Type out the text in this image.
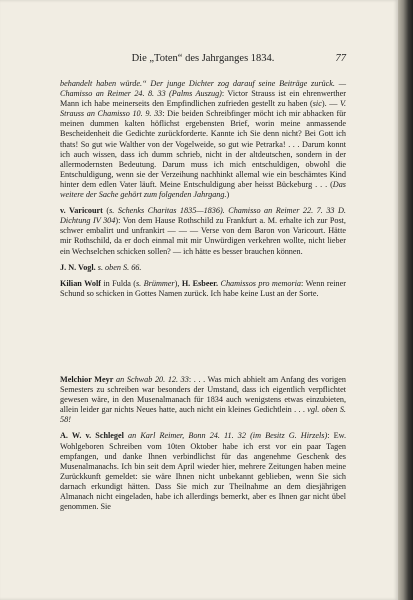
Die „Toten“ des Jahrganges 1834.	77

behandelt haben würde.“ Der junge Dichter zog darauf seine Beiträge zurück. — Chamisso an Reimer 24. 8. 33 (Palms Auszug): Victor Strauss ist ein ehrenwerther Mann ich habe meinerseits den Empfindlichen zufrieden gestellt zu haben (sic). — V. Strauss an Chamisso 10. 9. 33: Die beiden Schreibfinger möcht ich mir abhacken für meinen dummen kalten höflichst ergebensten Brief, worin meine anmassende Bescheidenheit die Gedichte zurückforderte. Kannte ich Sie denn nicht? Bei Gott ich thats! So gut wie Walther von der Vogelweide, so gut wie Petrarka! . . . Darum konnt ich auch wissen, dass ich dumm schrieb, nicht in der altdeutschen, sondern in der allermodernsten Bedeutung. Darum muss ich mich entschuldigen, obwohl die Entschuldigung, wenn sie der Verzeihung nachhinkt allemal wie ein beschämtes Kind hinter dem edlen Vater läuft. Meine Entschuldigung aber heisst Bückeburg . . . (Das weitere der Sache gehört zum folgenden Jahrgang.)

v. Varicourt (s. Schenks Charitas 1835—1836). Chamisso an Reimer 22. 7. 33 D. Dichtung IV 304): Von dem Hause Rothschild zu Frankfurt a. M. erhalte ich zur Post, schwer embalirt und unfrankirt — — — Verse von dem Baron von Varicourt. Hätte mir Rothschild, da er doch einmal mit mir Unwürdigen verkehren wollte, nicht lieber ein Wechselchen schicken sollen? — ich hätte es besser brauchen können.

J. N. Vogl. s. oben S. 66.

Kilian Wolf in Fulda (s. Brümmer), H. Esbeer. Chamissos pro memoria: Wenn reiner Schund so schicken in Gottes Namen zurück. Ich habe keine Lust an der Sorte.

Melchior Meyr an Schwab 20. 12. 33: . . . Was mich abhielt am Anfang des vorigen Semesters zu schreiben war besonders der Umstand, dass ich eigentlich verpflichtet gewesen wäre, in den Musenalmanach für 1834 auch wenigstens etwas einzubieten, allein leider gar nichts Neues hatte, auch nicht ein kleines Gedichtlein . . . vgl. oben S. 58!

A. W. v. Schlegel an Karl Reimer, Bonn 24. 11. 32 (im Besitz G. Hirzels): Ew. Wohlgeboren Schreiben vom 10ten Oktober habe ich erst vor ein paar Tagen empfangen, und danke Ihnen verbindlichst für das angenehme Geschenk des Musenalmanachs. Ich bin seit dem April wieder hier, mehrere Zeitungen haben meine Zurückkunft gemeldet: sie wäre Ihnen nicht unbekannt geblieben, wenn Sie sich darnach erkundigt hätten. Dass Sie mich zur Theilnahme an dem diesjährigen Almanach nicht eingeladen, habe ich allerdings bemerkt, aber es Ihnen gar nicht übel genommen. Sie
